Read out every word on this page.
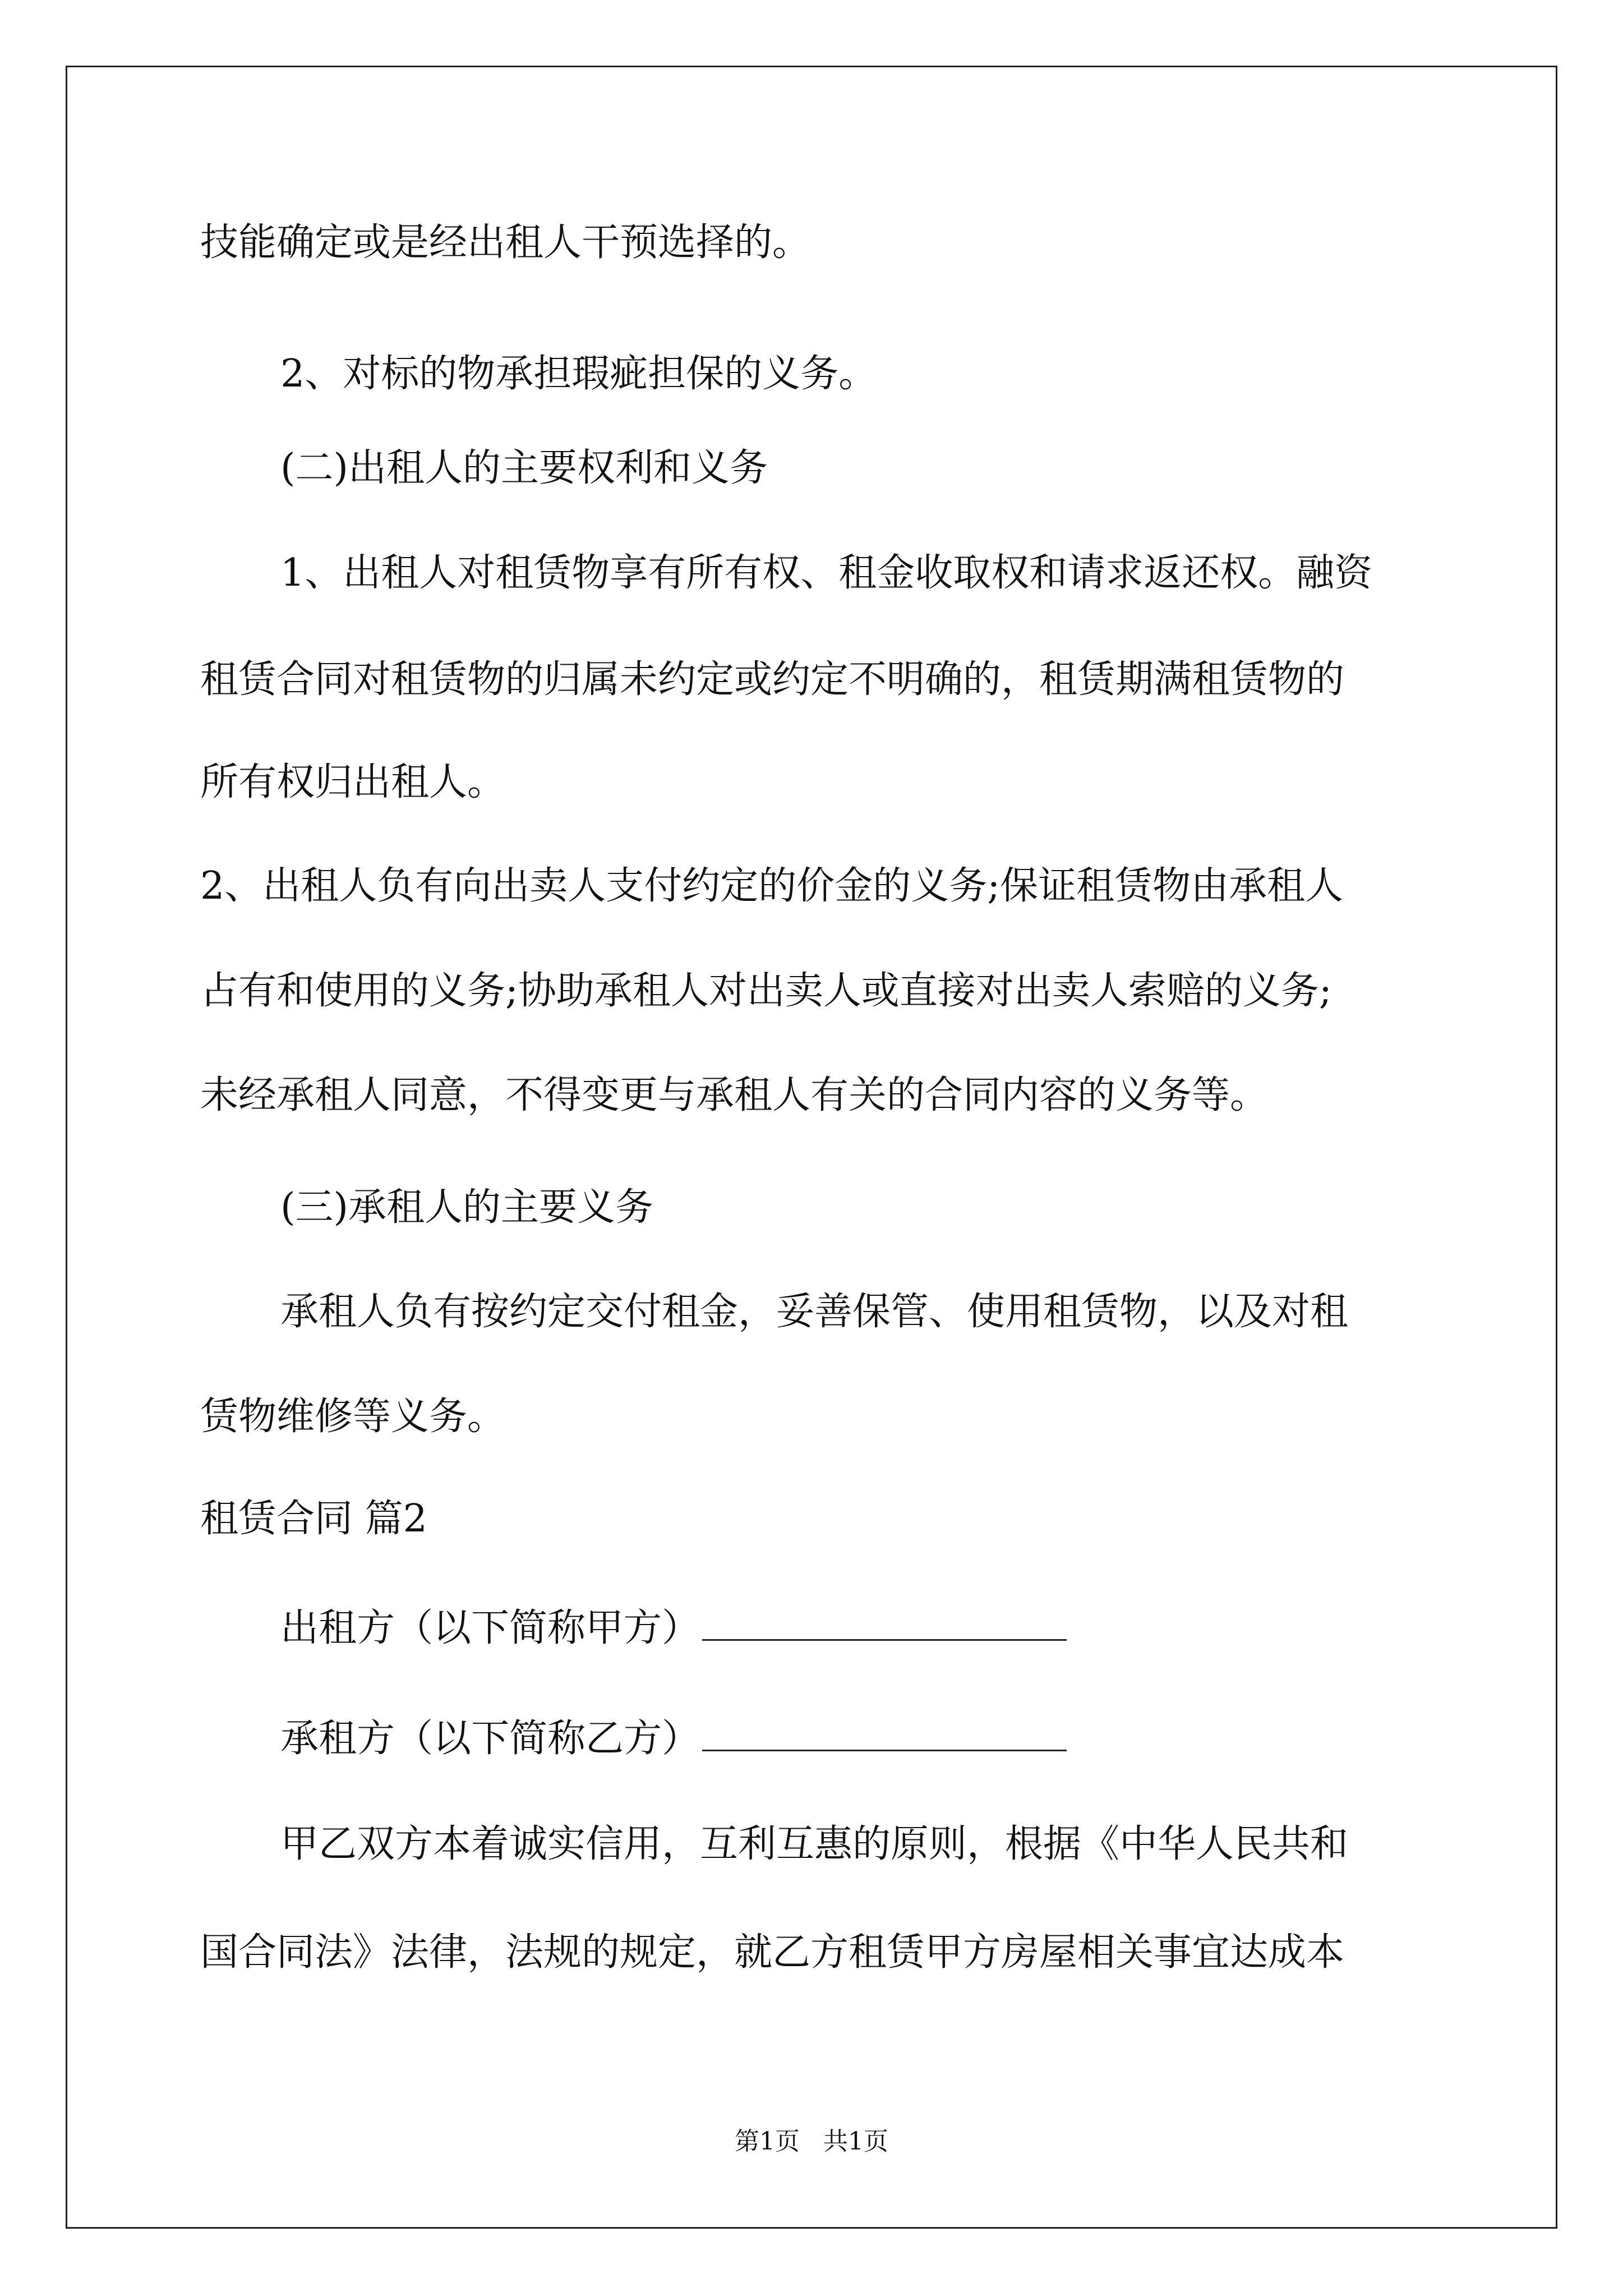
技能确定或是经出租人干预选择的。
2、对标的物承担瑕疵担保的义务。
(二)出租人的主要权利和义务
1、出租人对租赁物享有所有权、租金收取权和请求返还权。融资
租赁合同对租赁物的归属未约定或约定不明确的，租赁期满租赁物的
所有权归出租人。
2、出租人负有向出卖人支付约定的价金的义务;保证租赁物由承租人
占有和使用的义务;协助承租人对出卖人或直接对出卖人索赔的义务;
未经承租人同意，不得变更与承租人有关的合同内容的义务等。
(三)承租人的主要义务
承租人负有按约定交付租金，妥善保管、使用租赁物，以及对租
赁物维修等义务。
租赁合同 篇2
出租方（以下简称甲方）
承租方（以下简称乙方）
甲乙双方本着诚实信用，互利互惠的原则，根据《中华人民共和
国合同法》法律，法规的规定，就乙方租赁甲方房屋相关事宜达成本
第1页   共1页
